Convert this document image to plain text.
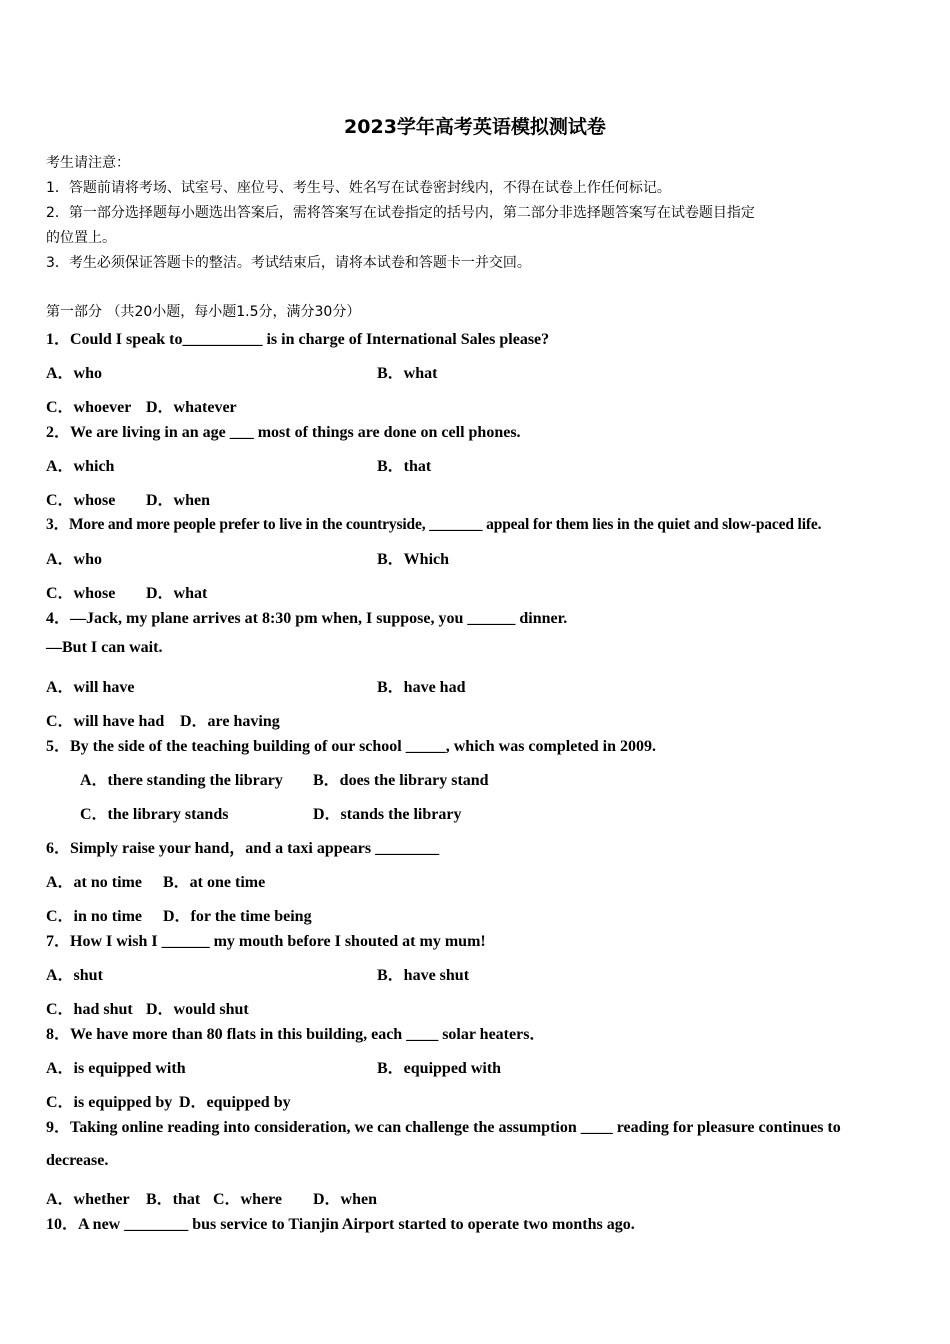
2023学年高考英语模拟测试卷
考生请注意：
1．答题前请将考场、试室号、座位号、考生号、姓名写在试卷密封线内，不得在试卷上作任何标记。
2．第一部分选择题每小题选出答案后，需将答案写在试卷指定的括号内，第二部分非选择题答案写在试卷题目指定
的位置上。
3．考生必须保证答题卡的整洁。考试结束后，请将本试卷和答题卡一并交回。
第一部分 （共20小题，每小题1.5分，满分30分）
1．Could I speak to__________ is in charge of International Sales please?
A．who	B．what
C．whoever D．whatever
2．We are living in an age ___ most of things are done on cell phones.
A．which	B．that
C．whose D．when
3．More and more people prefer to live in the countryside, _______ appeal for them lies in the quiet and slow-paced life.
A．who	B．Which
C．whose D．what
4．—Jack, my plane arrives at 8:30 pm when, I suppose, you ______ dinner.
—But I can wait.
A．will have	B．have had
C．will have had D．are having
5．By the side of the teaching building of our school _____, which was completed in 2009.
A．there standing the library B．does the library stand
C．the library stands	D．stands the library
6．Simply raise your hand，and a taxi appears ________
A．at no time B．at one time
C．in no time D．for the time being
7．How I wish I ______ my mouth before I shouted at my mum!
A．shut	B．have shut
C．had shut D．would shut
8．We have more than 80 flats in this building, each ____ solar heaters．
A．is equipped with	B．equipped with
C．is equipped by D．equipped by
9．Taking online reading into consideration, we can challenge the assumption ____ reading for pleasure continues to
decrease.
A．whether B．that C．where D．when
10．A new ________ bus service to Tianjin Airport started to operate two months ago.
